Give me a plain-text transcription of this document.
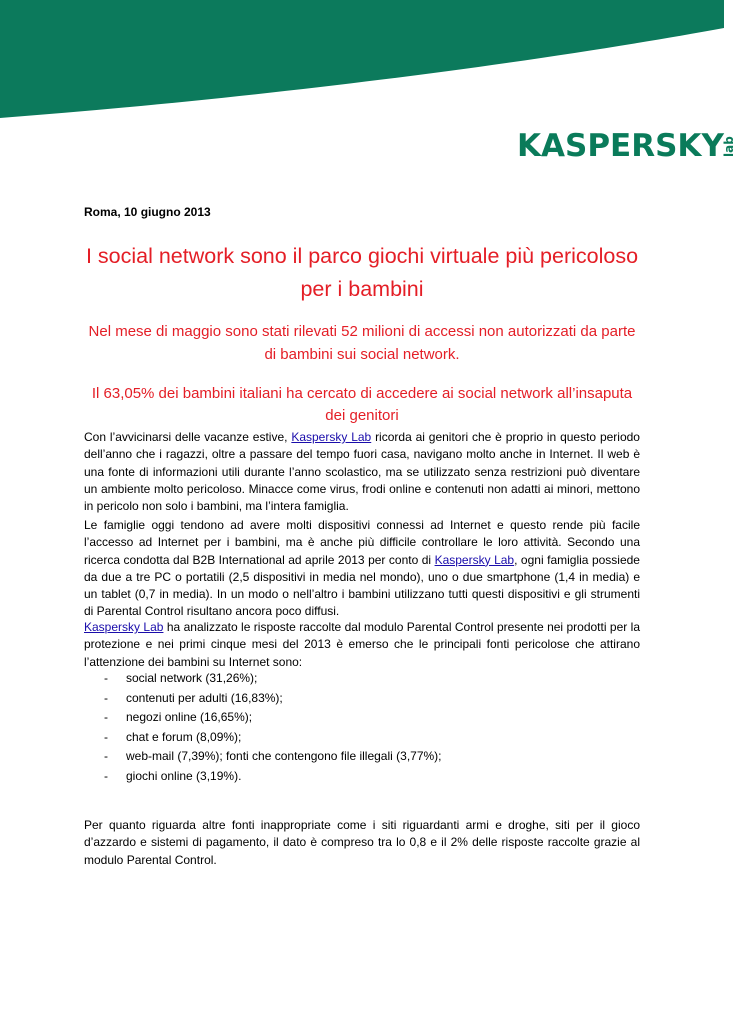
KASPERSKYlab
Roma, 10 giugno 2013
I social network sono il parco giochi virtuale più pericoloso per i bambini
Nel mese di maggio sono stati rilevati 52 milioni di accessi non autorizzati da parte di bambini sui social network.
Il 63,05% dei bambini italiani ha cercato di accedere ai social network all’insaputa dei genitori
Con l’avvicinarsi delle vacanze estive, Kaspersky Lab ricorda ai genitori che è proprio in questo periodo dell’anno che i ragazzi, oltre a passare del tempo fuori casa, navigano molto anche in Internet. Il web è una fonte di informazioni utili durante l’anno scolastico, ma se utilizzato senza restrizioni può diventare un ambiente molto pericoloso. Minacce come virus, frodi online e contenuti non adatti ai minori, mettono in pericolo non solo i bambini, ma l’intera famiglia.
Le famiglie oggi tendono ad avere molti dispositivi connessi ad Internet e questo rende più facile l’accesso ad Internet per i bambini, ma è anche più difficile controllare le loro attività. Secondo una ricerca condotta dal B2B International ad aprile 2013 per conto di Kaspersky Lab, ogni famiglia possiede da due a tre PC o portatili (2,5 dispositivi in media nel mondo), uno o due smartphone (1,4 in media) e un tablet (0,7 in media). In un modo o nell’altro i bambini utilizzano tutti questi dispositivi e gli strumenti di Parental Control risultano ancora poco diffusi.
Kaspersky Lab ha analizzato le risposte raccolte dal modulo Parental Control presente nei prodotti per la protezione e nei primi cinque mesi del 2013 è emerso che le principali fonti pericolose che attirano l’attenzione dei bambini su Internet sono:
- social network (31,26%);
- contenuti per adulti (16,83%);
- negozi online (16,65%);
- chat e forum (8,09%);
- web-mail (7,39%); fonti che contengono file illegali (3,77%);
- giochi online (3,19%).
Per quanto riguarda altre fonti inappropriate come i siti riguardanti armi e droghe, siti per il gioco d’azzardo e sistemi di pagamento, il dato è compreso tra lo 0,8 e il 2% delle risposte raccolte grazie al modulo Parental Control.
